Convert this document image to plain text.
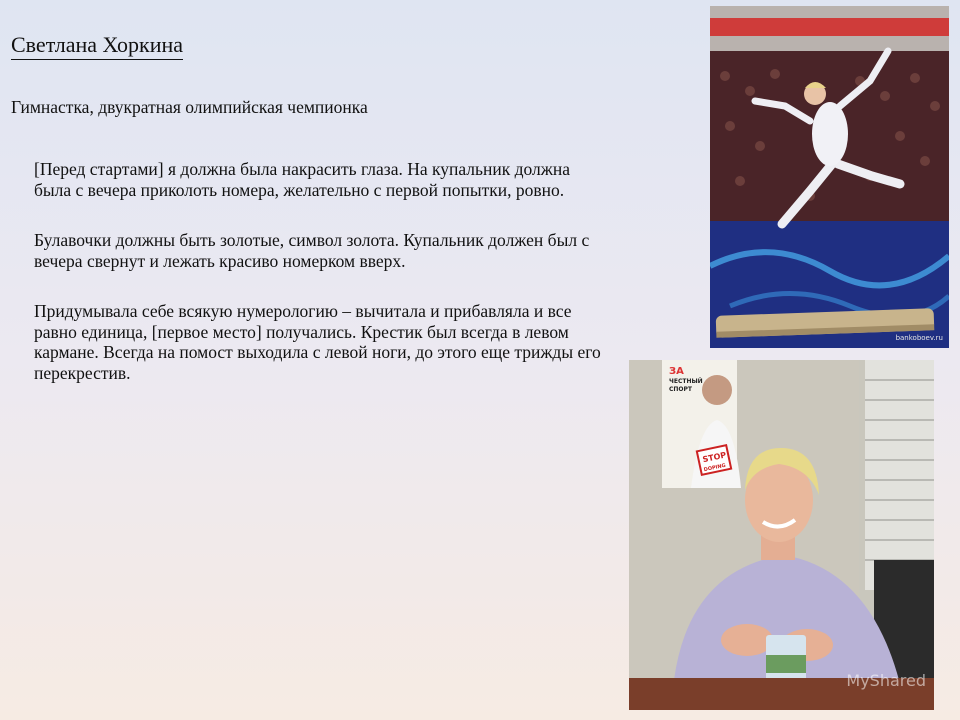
Светлана Хоркина

Гимнастка, двукратная олимпийская чемпионка

[Перед стартами] я должна была накрасить глаза. На купальник должна была с вечера приколоть номера, желательно с первой попытки, ровно.

Булавочки должны быть золотые, символ золота. Купальник должен был с вечера свернут и лежать красиво номерком вверх.

Придумывала себе всякую нумерологию – вычитала и прибавляла и все равно единица, [первое место] получались. Крестик был всегда в левом кармане. Всегда на помост выходила с левой ноги, до этого еще трижды его перекрестив.

bankoboev.ru
ЗА
ЧЕСТНЫЙ
СПОРТ
STOP
DOPING
MyShared
